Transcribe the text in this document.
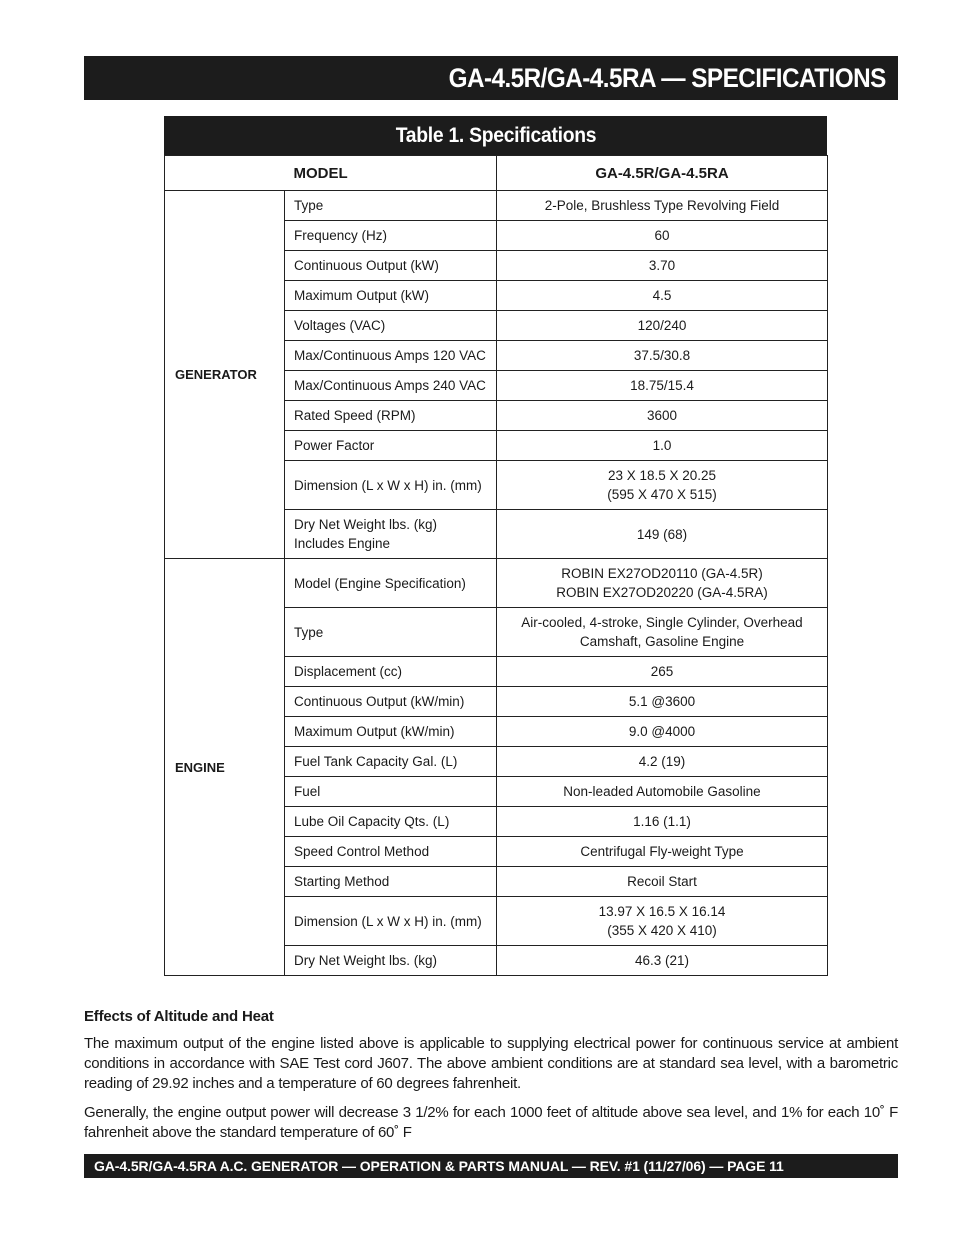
GA-4.5R/GA-4.5RA — SPECIFICATIONS
Table 1. Specifications
	MODEL	GA-4.5R/GA-4.5RA
GENERATOR	Type	2-Pole, Brushless Type Revolving Field

	Frequency (Hz)	60

	Continuous Output (kW)	3.70

	Maximum Output (kW)	4.5

	Voltages (VAC)	120/240

	Max/Continuous Amps 120 VAC	37.5/30.8

	Max/Continuous Amps 240 VAC	18.75/15.4

	Rated Speed (RPM)	3600

	Power Factor	1.0

	Dimension (L x W x H) in. (mm)	23 X 18.5 X 20.25
(595 X 470 X 515)

	Dry Net Weight lbs. (kg)
Includes Engine	149 (68)

ENGINE	Model (Engine Specification)	ROBIN EX27OD20110 (GA-4.5R)
ROBIN EX27OD20220 (GA-4.5RA)

	Type	Air-cooled, 4-stroke, Single Cylinder, Overhead
Camshaft, Gasoline Engine

	Displacement (cc)	265

	Continuous Output (kW/min)	5.1 @3600

	Maximum Output (kW/min)	9.0 @4000

	Fuel Tank Capacity Gal. (L)	4.2 (19)

	Fuel	Non-leaded Automobile Gasoline

	Lube Oil Capacity Qts. (L)	1.16 (1.1)

	Speed Control Method	Centrifugal Fly-weight Type

	Starting Method	Recoil Start

	Dimension (L x W x H) in. (mm)	13.97 X 16.5 X 16.14
(355 X 420 X 410)

	Dry Net Weight lbs. (kg)	46.3 (21)
Effects of Altitude and Heat

The maximum output of the engine listed above is applicable to supplying electrical power for continuous service at ambient conditions in accordance with SAE Test cord J607. The above ambient conditions are at standard sea level, with a barometric reading of 29.92 inches and a temperature of 60 degrees fahrenheit.

Generally, the engine output power will decrease 3 1/2% for each 1000 feet of altitude above sea level, and 1% for each 10˚ F fahrenheit above the standard temperature of 60˚ F

GA-4.5R/GA-4.5RA A.C. GENERATOR — OPERATION & PARTS MANUAL — REV. #1 (11/27/06) — PAGE 11
